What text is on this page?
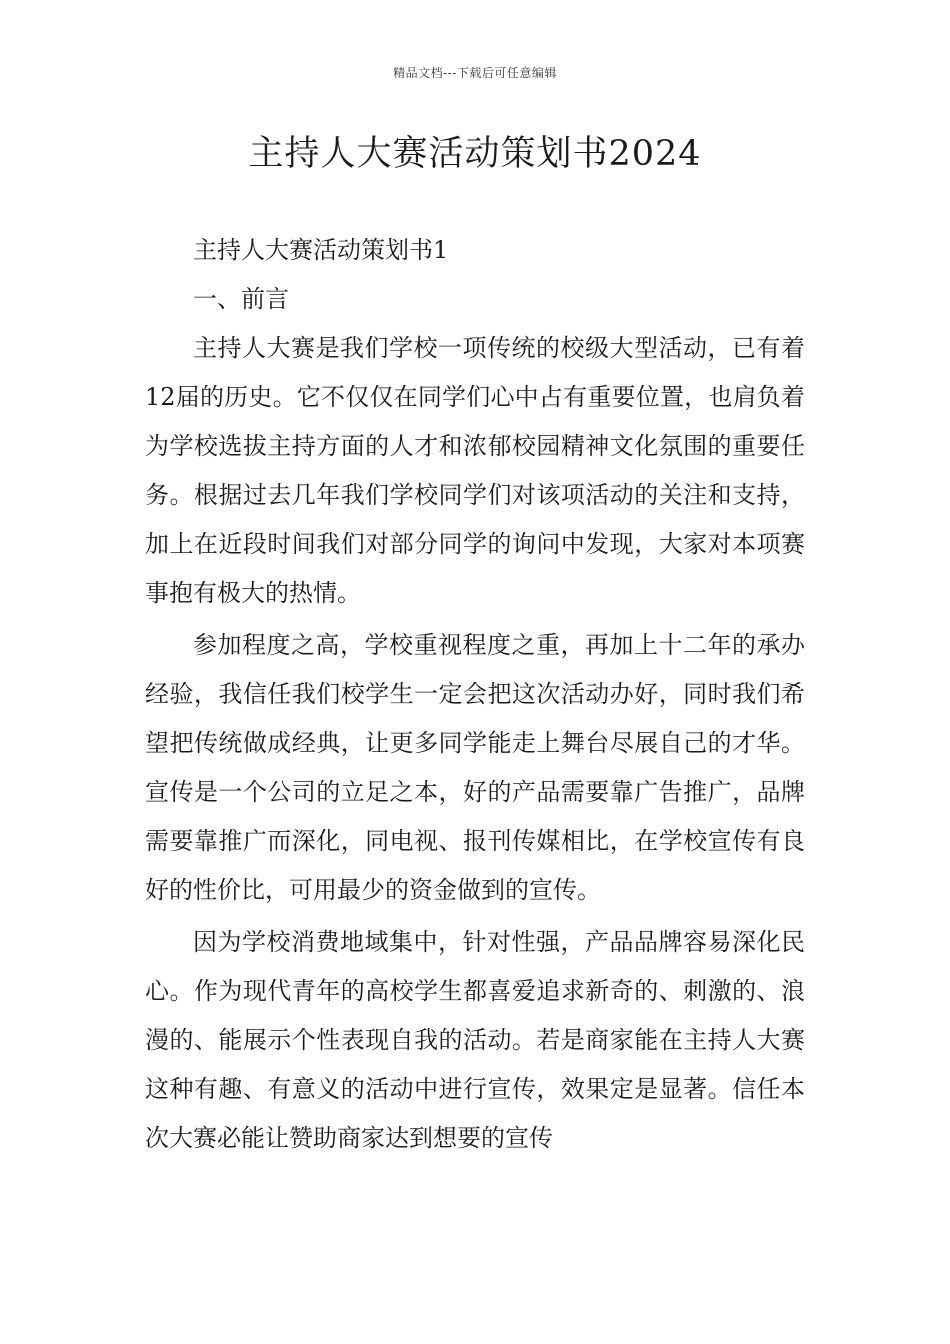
精品文档---下载后可任意编辑
主持人大赛活动策划书2024

主持人大赛活动策划书1

一、前言

主持人大赛是我们学校一项传统的校级大型活动，已有着12届的历史。它不仅仅在同学们心中占有重要位置，也肩负着为学校选拔主持方面的人才和浓郁校园精神文化氛围的重要任务。根据过去几年我们学校同学们对该项活动的关注和支持，加上在近段时间我们对部分同学的询问中发现，大家对本项赛事抱有极大的热情。

参加程度之高，学校重视程度之重，再加上十二年的承办经验，我信任我们校学生一定会把这次活动办好，同时我们希望把传统做成经典，让更多同学能走上舞台尽展自己的才华。宣传是一个公司的立足之本，好的产品需要靠广告推广，品牌需要靠推广而深化，同电视、报刊传媒相比，在学校宣传有良好的性价比，可用最少的资金做到的宣传。

因为学校消费地域集中，针对性强，产品品牌容易深化民心。作为现代青年的高校学生都喜爱追求新奇的、刺激的、浪漫的、能展示个性表现自我的活动。若是商家能在主持人大赛这种有趣、有意义的活动中进行宣传，效果定是显著。信任本次大赛必能让赞助商家达到想要的宣传
